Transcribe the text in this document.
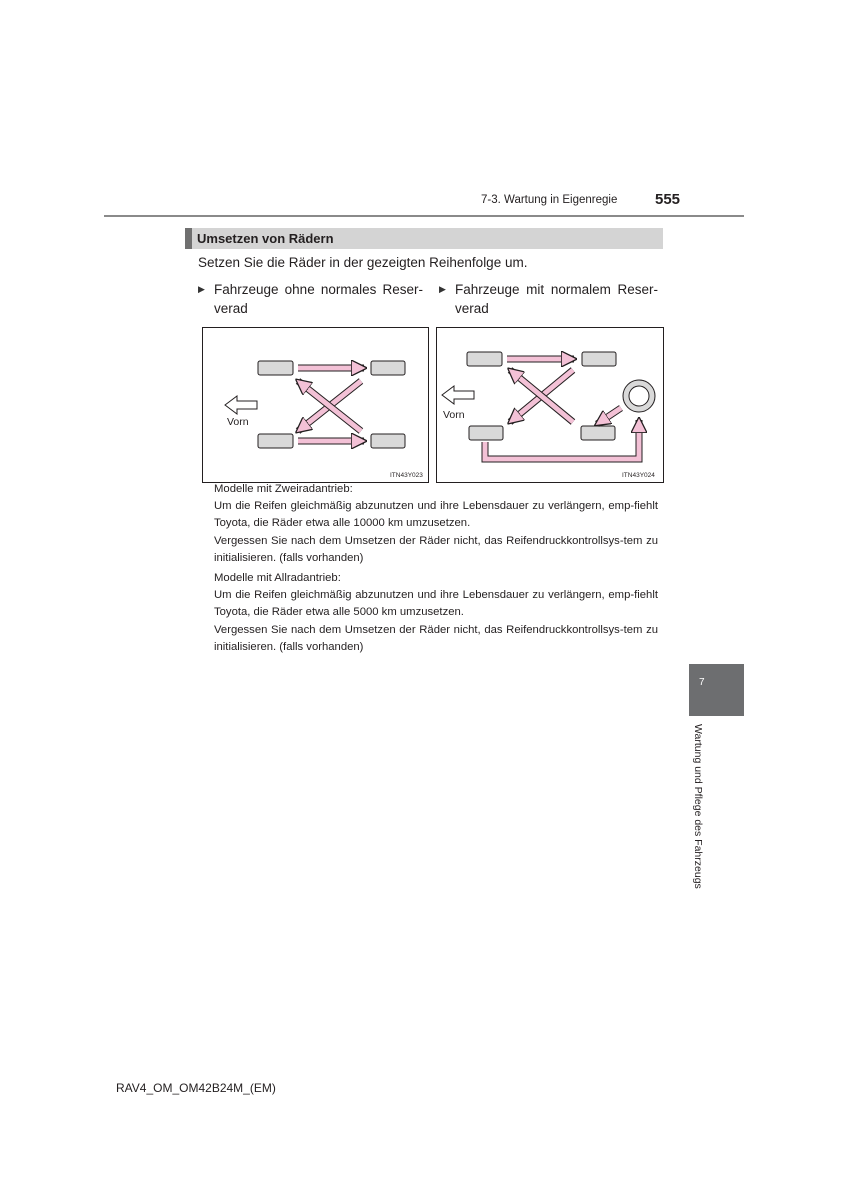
7-3. Wartung in Eigenregie	555
Umsetzen von Rädern
Setzen Sie die Räder in der gezeigten Reihenfolge um.
▶ Fahrzeuge ohne normales Reser-
verad
▶ Fahrzeuge mit normalem Reser-
verad
Vorn
ITN43Y023
Vorn
ITN43Y024

Modelle mit Zweiradantrieb:

Um die Reifen gleichmäßig abzunutzen und ihre Lebensdauer zu verlängern, emp-fiehlt Toyota, die Räder etwa alle 10000 km umzusetzen.

Vergessen Sie nach dem Umsetzen der Räder nicht, das Reifendruckkontrollsys-tem zu initialisieren. (falls vorhanden)

Modelle mit Allradantrieb:

Um die Reifen gleichmäßig abzunutzen und ihre Lebensdauer zu verlängern, emp-fiehlt Toyota, die Räder etwa alle 5000 km umzusetzen.

Vergessen Sie nach dem Umsetzen der Räder nicht, das Reifendruckkontrollsys-tem zu initialisieren. (falls vorhanden)

7
Wartung und Pflege des Fahrzeugs
RAV4_OM_OM42B24M_(EM)
